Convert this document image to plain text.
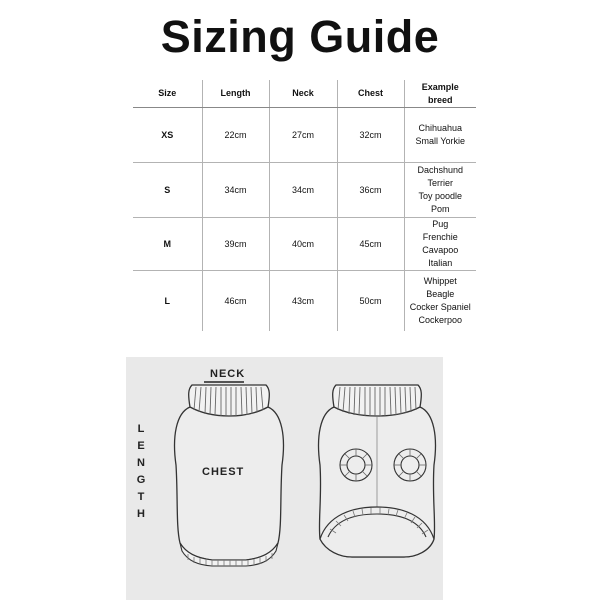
Sizing Guide
Size	Length	Neck	Chest	Example
breed

XS	22cm	27cm	32cm	Chihuahua
Small Yorkie

S	34cm	34cm	36cm	Dachshund
Terrier
Toy poodle
Pom

M	39cm	40cm	45cm	Pug
Frenchie
Cavapoo
Italian

L	46cm	43cm	50cm	Whippet
Beagle
Cocker Spaniel
Cockerpoo
NECK
CHEST
L
E
N
G
T
H
